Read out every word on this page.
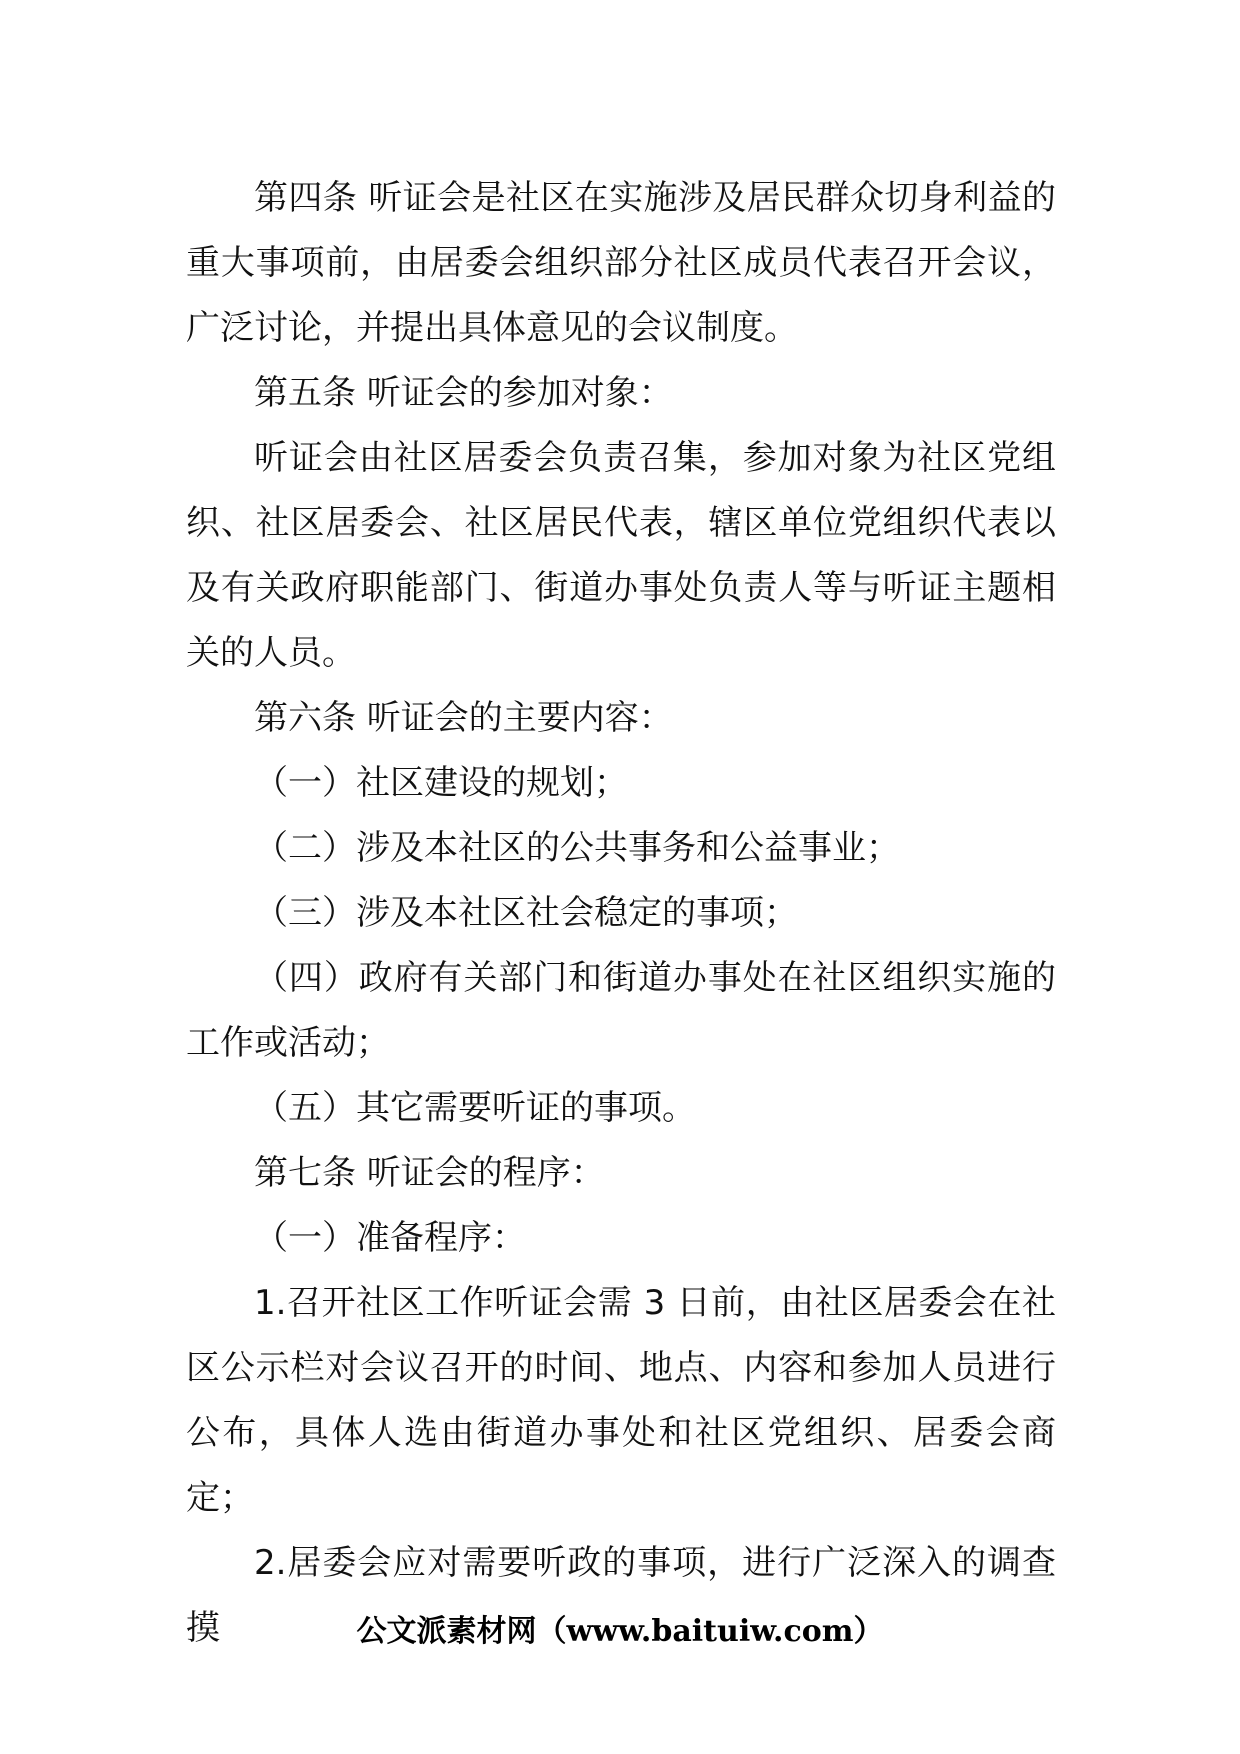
第四条 听证会是社区在实施涉及居民群众切身利益的重大事项前，由居委会组织部分社区成员代表召开会议，广泛讨论，并提出具体意见的会议制度。

第五条 听证会的参加对象：

听证会由社区居委会负责召集，参加对象为社区党组织、社区居委会、社区居民代表，辖区单位党组织代表以及有关政府职能部门、街道办事处负责人等与听证主题相关的人员。

第六条 听证会的主要内容：

（一）社区建设的规划；

（二）涉及本社区的公共事务和公益事业；

（三）涉及本社区社会稳定的事项；

（四）政府有关部门和街道办事处在社区组织实施的工作或活动；

（五）其它需要听证的事项。

第七条 听证会的程序：

（一）准备程序：

1.召开社区工作听证会需 3 日前，由社区居委会在社区公示栏对会议召开的时间、地点、内容和参加人员进行公布，具体人选由街道办事处和社区党组织、居委会商定；

2.居委会应对需要听政的事项，进行广泛深入的调查摸	公文派素材网（www.baituiw.com）
